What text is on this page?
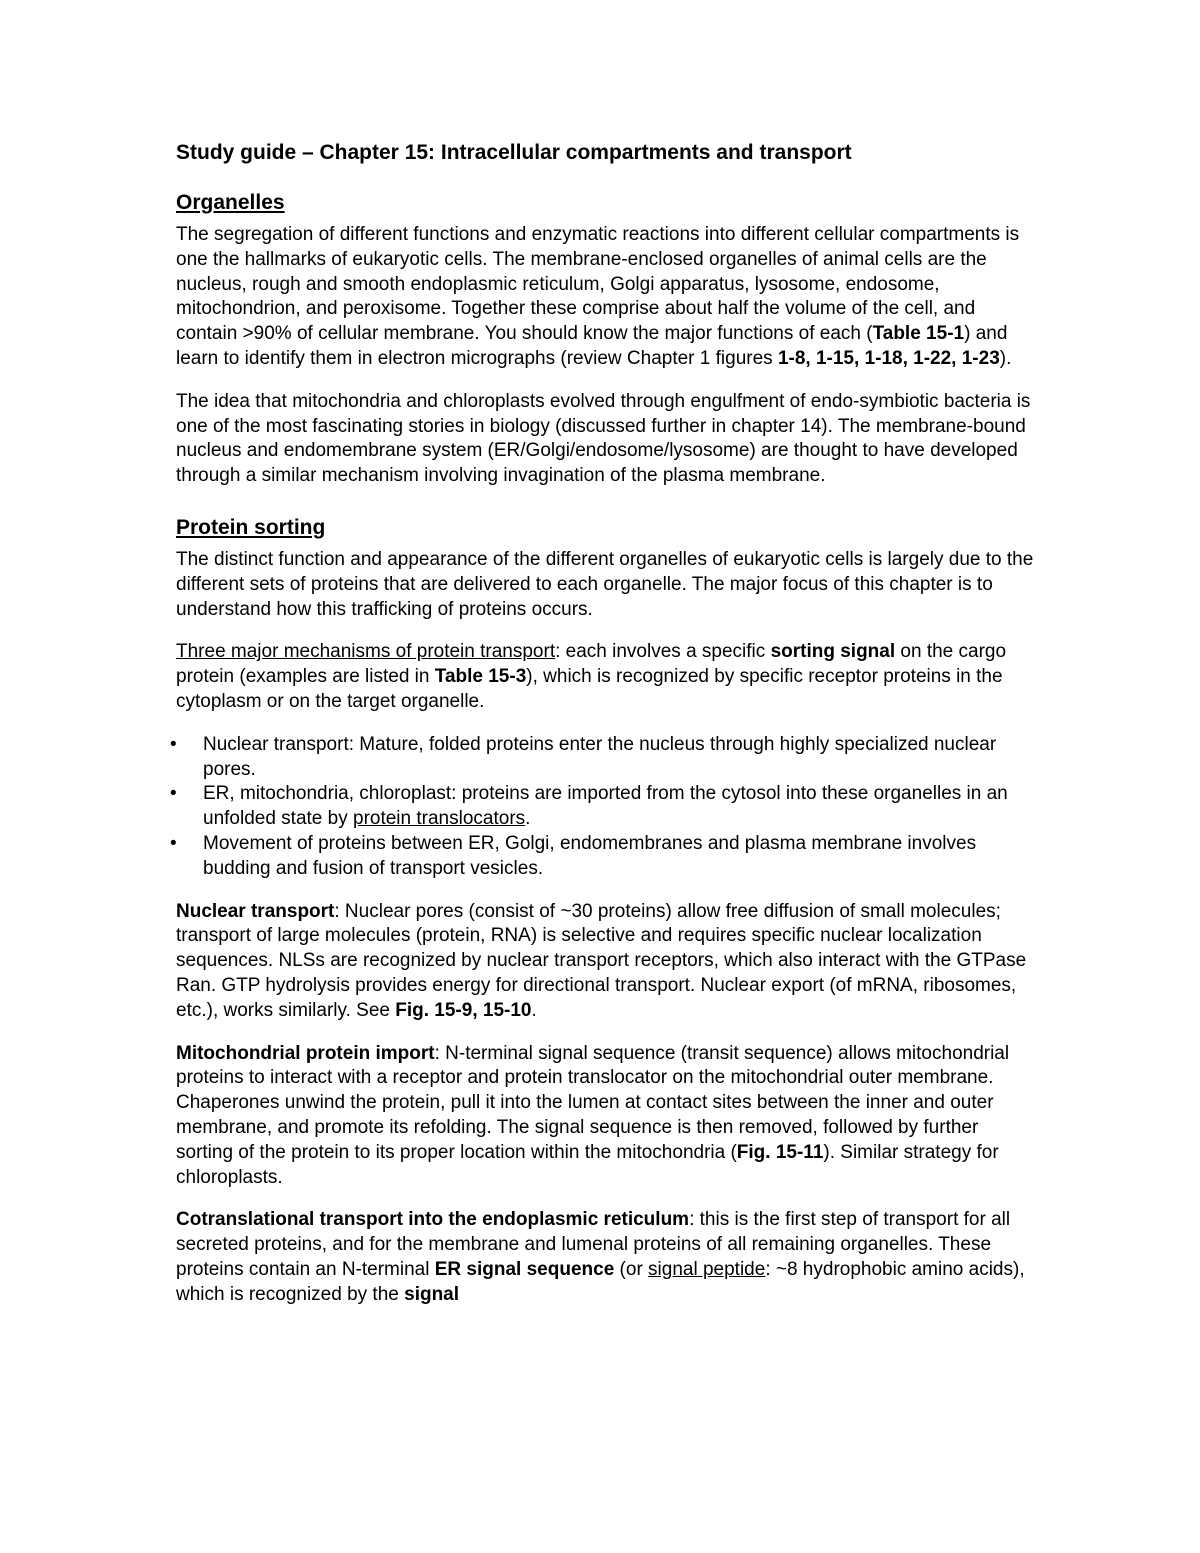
Study guide – Chapter 15: Intracellular compartments and transport

Organelles

The segregation of different functions and enzymatic reactions into different cellular compartments is one the hallmarks of eukaryotic cells. The membrane-enclosed organelles of animal cells are the nucleus, rough and smooth endoplasmic reticulum, Golgi apparatus, lysosome, endosome, mitochondrion, and peroxisome. Together these comprise about half the volume of the cell, and contain >90% of cellular membrane. You should know the major functions of each (Table 15-1) and learn to identify them in electron micrographs (review Chapter 1 figures 1-8, 1-15, 1-18, 1-22, 1-23).

The idea that mitochondria and chloroplasts evolved through engulfment of endo-symbiotic bacteria is one of the most fascinating stories in biology (discussed further in chapter 14). The membrane-bound nucleus and endomembrane system (ER/Golgi/endosome/lysosome) are thought to have developed through a similar mechanism involving invagination of the plasma membrane.

Protein sorting

The distinct function and appearance of the different organelles of eukaryotic cells is largely due to the different sets of proteins that are delivered to each organelle. The major focus of this chapter is to understand how this trafficking of proteins occurs.

Three major mechanisms of protein transport: each involves a specific sorting signal on the cargo protein (examples are listed in Table 15-3), which is recognized by specific receptor proteins in the cytoplasm or on the target organelle.

• Nuclear transport: Mature, folded proteins enter the nucleus through highly specialized nuclear pores.
• ER, mitochondria, chloroplast: proteins are imported from the cytosol into these organelles in an unfolded state by protein translocators.
• Movement of proteins between ER, Golgi, endomembranes and plasma membrane involves budding and fusion of transport vesicles.

Nuclear transport: Nuclear pores (consist of ~30 proteins) allow free diffusion of small molecules; transport of large molecules (protein, RNA) is selective and requires specific nuclear localization sequences. NLSs are recognized by nuclear transport receptors, which also interact with the GTPase Ran. GTP hydrolysis provides energy for directional transport. Nuclear export (of mRNA, ribosomes, etc.), works similarly. See Fig. 15-9, 15-10.

Mitochondrial protein import: N-terminal signal sequence (transit sequence) allows mitochondrial proteins to interact with a receptor and protein translocator on the mitochondrial outer membrane. Chaperones unwind the protein, pull it into the lumen at contact sites between the inner and outer membrane, and promote its refolding. The signal sequence is then removed, followed by further sorting of the protein to its proper location within the mitochondria (Fig. 15-11). Similar strategy for chloroplasts.

Cotranslational transport into the endoplasmic reticulum: this is the first step of transport for all secreted proteins, and for the membrane and lumenal proteins of all remaining organelles. These proteins contain an N-terminal ER signal sequence (or signal peptide: ~8 hydrophobic amino acids), which is recognized by the signal
